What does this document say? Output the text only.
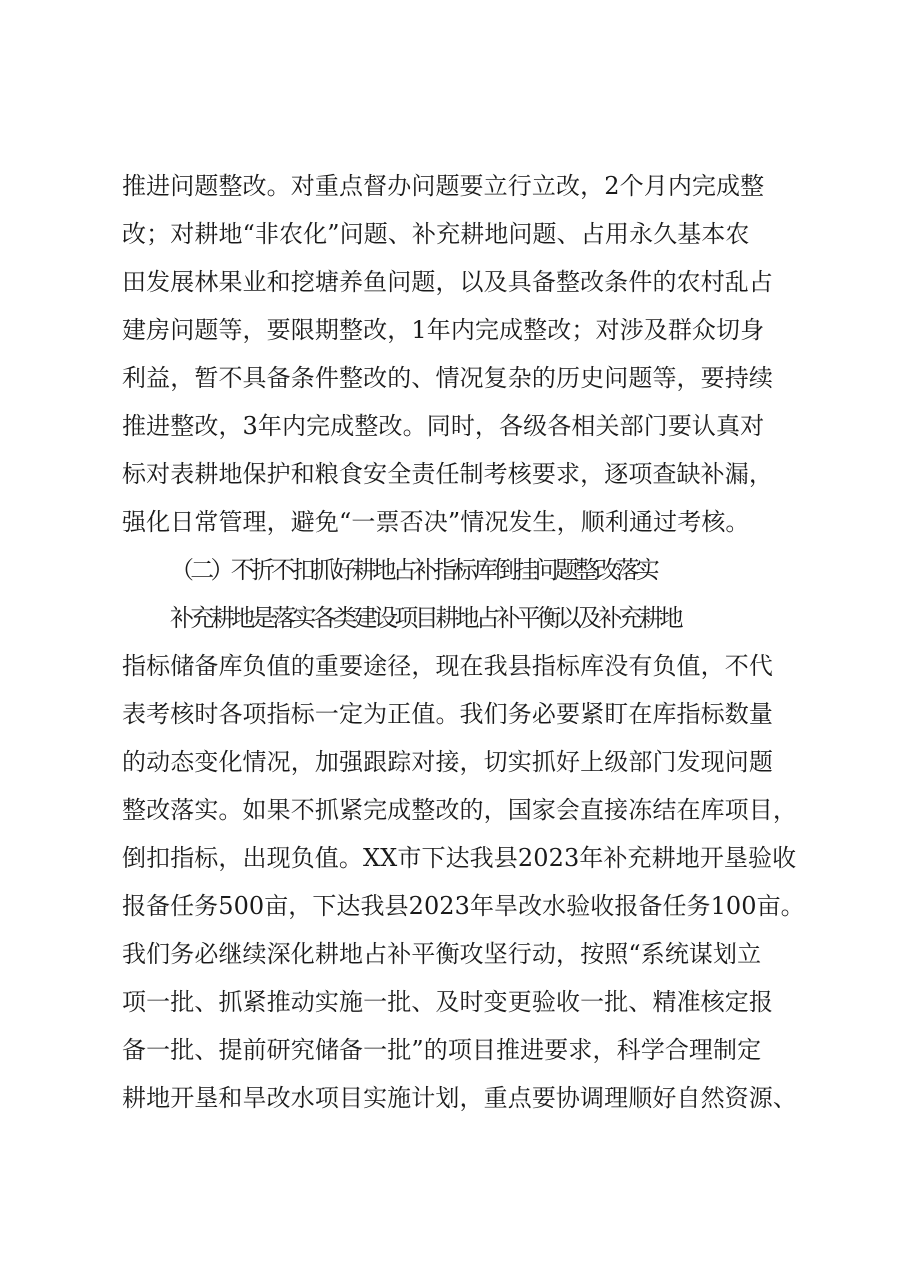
推进问题整改。对重点督办问题要立行立改，2个月内完成整
改；对耕地“非农化”问题、补充耕地问题、占用永久基本农
田发展林果业和挖塘养鱼问题，以及具备整改条件的农村乱占
建房问题等，要限期整改，1年内完成整改；对涉及群众切身
利益，暂不具备条件整改的、情况复杂的历史问题等，要持续
推进整改，3年内完成整改。同时，各级各相关部门要认真对
标对表耕地保护和粮食安全责任制考核要求，逐项查缺补漏，
强化日常管理，避免“一票否决”情况发生，顺利通过考核。
（二）不折不扣抓好耕地占补指标库倒挂问题整改落实
补充耕地是落实各类建设项目耕地占补平衡以及补充耕地
指标储备库负值的重要途径，现在我县指标库没有负值，不代
表考核时各项指标一定为正值。我们务必要紧盯在库指标数量
的动态变化情况，加强跟踪对接，切实抓好上级部门发现问题
整改落实。如果不抓紧完成整改的，国家会直接冻结在库项目，
倒扣指标，出现负值。XX市下达我县2023年补充耕地开垦验收
报备任务500亩，下达我县2023年旱改水验收报备任务100亩。
我们务必继续深化耕地占补平衡攻坚行动，按照“系统谋划立
项一批、抓紧推动实施一批、及时变更验收一批、精准核定报
备一批、提前研究储备一批”的项目推进要求，科学合理制定
耕地开垦和旱改水项目实施计划，重点要协调理顺好自然资源、
